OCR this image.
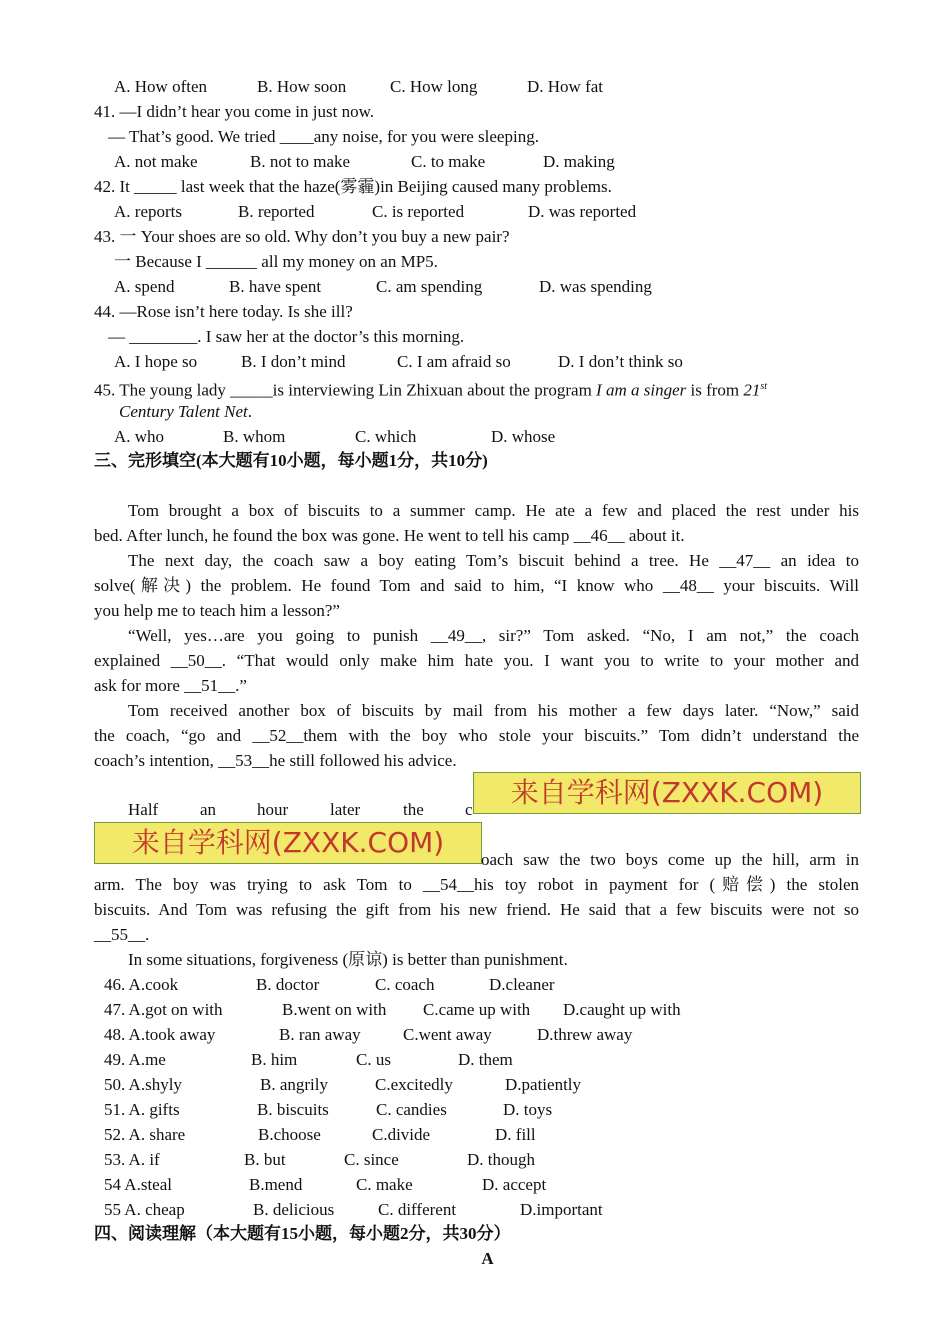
A. How often	B. How soon	C. How long	D. How fat
41. —I didn’t hear you come in just now.
— That’s good. We tried ____any noise, for you were sleeping.
A. not make	B. not to make	C. to make	D. making
42. It _____ last week that the haze(雾霾)in Beijing caused many problems.
A. reports	B. reported	C. is reported	D. was reported
43. 一 Your shoes are so old. Why don’t you buy a new pair?
一 Because I ______ all my money on an MP5.
A. spend	B. have spent	C. am spending	D. was spending
44. —Rose isn’t here today. Is she ill?
— ________. I saw her at the doctor’s this morning.
A. I hope so	B. I don’t mind	C. I am afraid so	D. I don’t think so
45. The young lady _____is interviewing Lin Zhixuan about the program I am a singer is from 21st
Century Talent Net.
A. who	B. whom	C. which	D. whose
三、完形填空(本大题有10小题，每小题1分，共10分)
Tom brought a box of biscuits to a summer camp. He ate a few and placed the rest under his
bed. After lunch, he found the box was gone. He went to tell his camp __46__ about it.
The next day, the coach saw a boy eating Tom’s biscuit behind a tree. He __47__ an idea to
solve(解决) the problem. He found Tom and said to him, “I know who __48__ your biscuits. Will
you help me to teach him a lesson?”
“Well, yes…are you going to punish __49__, sir?” Tom asked. “No, I am not,” the coach
explained __50__. “That would only make him hate you. I want you to write to your mother and
ask for more __51__.”
Tom received another box of biscuits by mail from his mother a few days later. “Now,” said
the coach, “go and __52__them with the boy who stole your biscuits.” Tom didn’t understand the
coach’s intention, __53__he still followed his advice.
Half an hour later	the c
来自学科网(ZXXK.COM)
来自学科网(ZXXK.COM)
oach saw the two boys come up the hill, arm in
arm. The boy was trying to ask Tom to __54__his toy robot in payment for (赔偿) the stolen
biscuits. And Tom was refusing the gift from his new friend. He said that a few biscuits were not so
__55__.
In some situations, forgiveness (原谅) is better than punishment.
46. A.cook	B. doctor	C. coach	D.cleaner
47. A.got on with	B.went on with C.came up with D.caught up with
48. A.took away	B. ran away C.went away	D.threw away
49. A.me	B. him	C. us	D. them
50. A.shyly	B. angrily	C.excitedly	D.patiently
51. A. gifts	B. biscuits	C. candies	D. toys
52. A. share	B.choose	C.divide	D. fill
53. A. if	B. but	C. since	D. though
54 A.steal	B.mend	C. make	D. accept
55 A. cheap	B. delicious	C. different	D.important
四、阅读理解（本大题有15小题，每小题2分，共30分）
A
